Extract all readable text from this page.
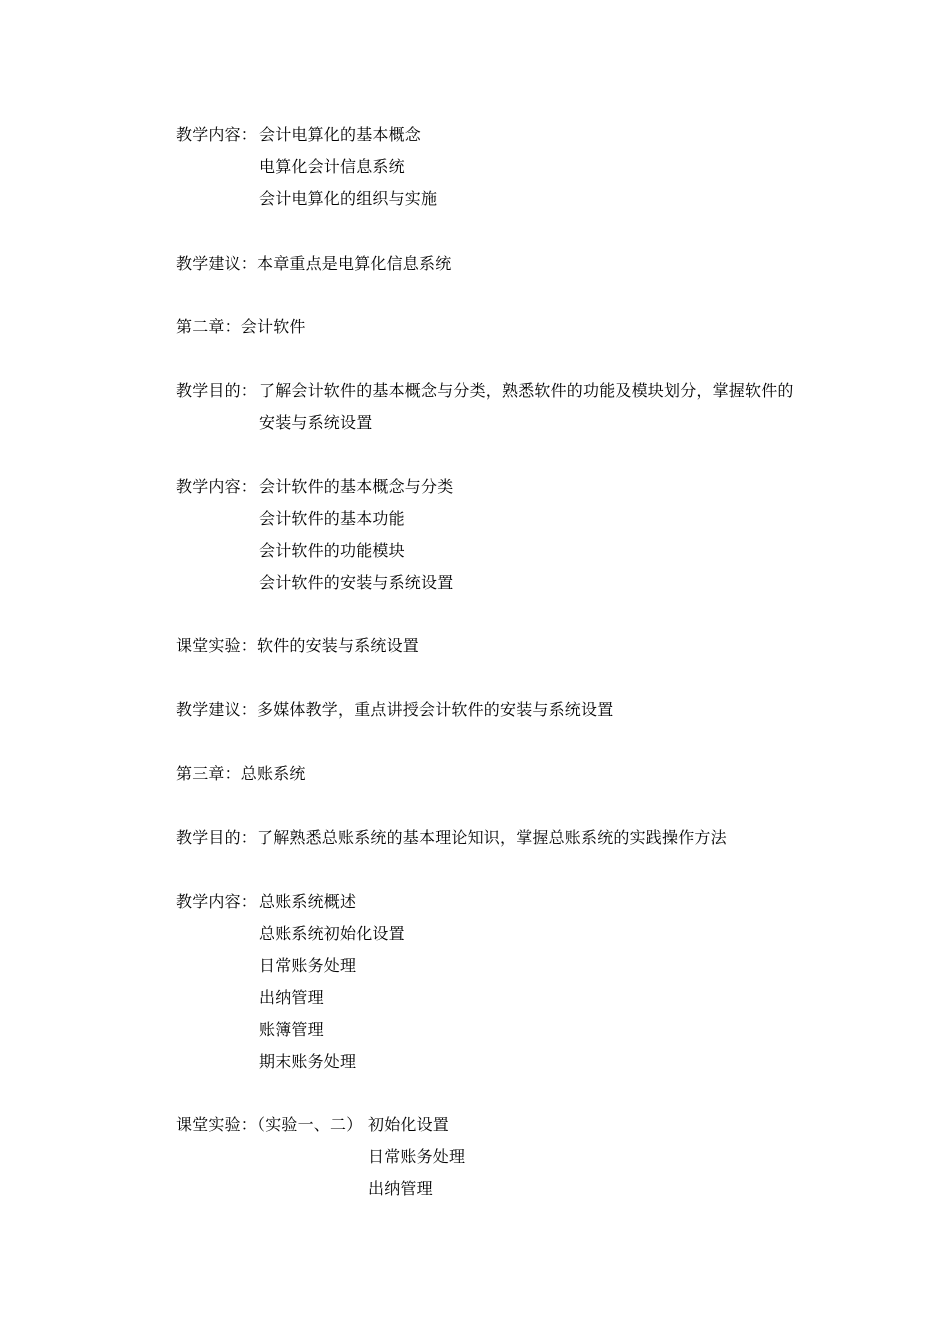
教学内容： 会计电算化的基本概念
电算化会计信息系统
会计电算化的组织与实施
教学建议：本章重点是电算化信息系统
第二章：会计软件
教学目的： 了解会计软件的基本概念与分类，熟悉软件的功能及模块划分，掌握软件的
安装与系统设置
教学内容： 会计软件的基本概念与分类
会计软件的基本功能
会计软件的功能模块
会计软件的安装与系统设置
课堂实验：软件的安装与系统设置
教学建议：多媒体教学，重点讲授会计软件的安装与系统设置
第三章：总账系统
教学目的：了解熟悉总账系统的基本理论知识，掌握总账系统的实践操作方法
教学内容： 总账系统概述
总账系统初始化设置
日常账务处理
出纳管理
账簿管理
期末账务处理
课堂实验：（实验一、二） 初始化设置
日常账务处理
出纳管理
